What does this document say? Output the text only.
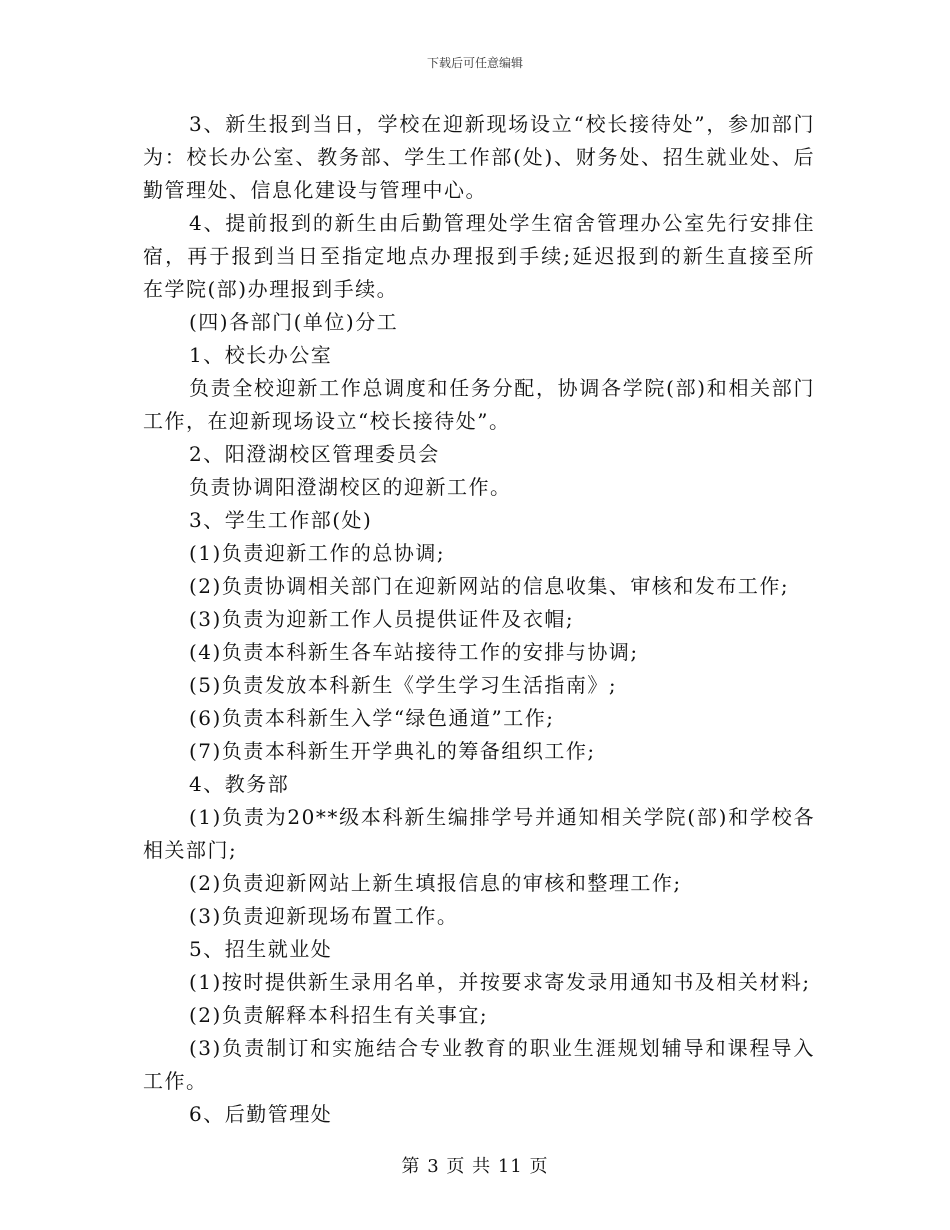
下载后可任意编辑

3、新生报到当日，学校在迎新现场设立“校长接待处”，参加部门为：校长办公室、教务部、学生工作部(处)、财务处、招生就业处、后勤管理处、信息化建设与管理中心。

4、提前报到的新生由后勤管理处学生宿舍管理办公室先行安排住宿，再于报到当日至指定地点办理报到手续;延迟报到的新生直接至所在学院(部)办理报到手续。

(四)各部门(单位)分工

1、校长办公室

负责全校迎新工作总调度和任务分配，协调各学院(部)和相关部门工作，在迎新现场设立“校长接待处”。

2、阳澄湖校区管理委员会

负责协调阳澄湖校区的迎新工作。

3、学生工作部(处)

(1)负责迎新工作的总协调;

(2)负责协调相关部门在迎新网站的信息收集、审核和发布工作;

(3)负责为迎新工作人员提供证件及衣帽;

(4)负责本科新生各车站接待工作的安排与协调;

(5)负责发放本科新生《学生学习生活指南》;

(6)负责本科新生入学“绿色通道”工作;

(7)负责本科新生开学典礼的筹备组织工作;

4、教务部

(1)负责为20**级本科新生编排学号并通知相关学院(部)和学校各相关部门;

(2)负责迎新网站上新生填报信息的审核和整理工作;

(3)负责迎新现场布置工作。

5、招生就业处

(1)按时提供新生录用名单，并按要求寄发录用通知书及相关材料;

(2)负责解释本科招生有关事宜;

(3)负责制订和实施结合专业教育的职业生涯规划辅导和课程导入工作。

6、后勤管理处

第 3 页 共 11 页
